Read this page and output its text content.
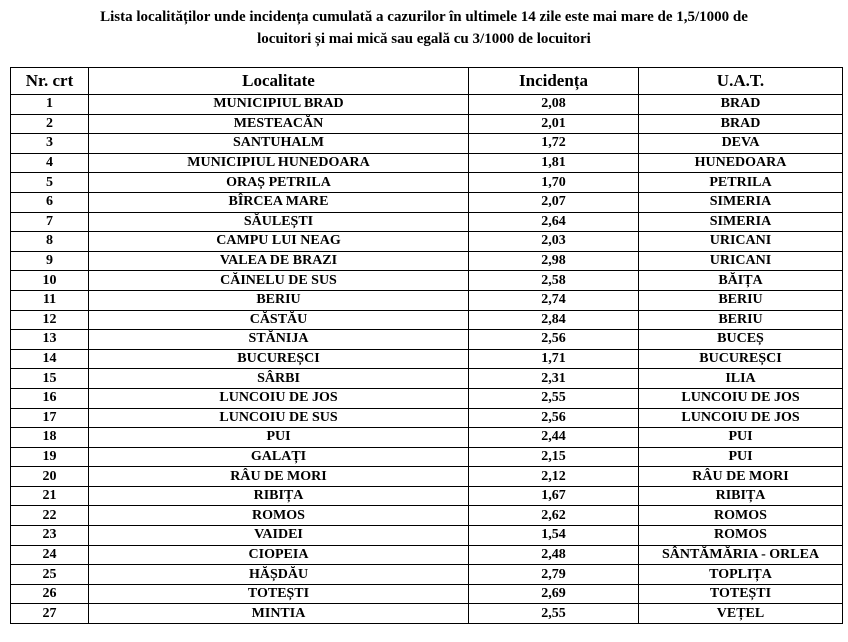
Lista localităților unde incidența cumulată a cazurilor în ultimele 14 zile este mai mare de 1,5/1000 de
locuitori și mai mică sau egală cu 3/1000 de locuitori
Nr. crt	Localitate	Incidența	U.A.T.
1	MUNICIPIUL BRAD	2,08	BRAD
2	MESTEACĂN	2,01	BRAD
3	SANTUHALM	1,72	DEVA
4	MUNICIPIUL HUNEDOARA	1,81	HUNEDOARA
5	ORAȘ PETRILA	1,70	PETRILA
6	BÎRCEA MARE	2,07	SIMERIA
7	SĂULEȘTI	2,64	SIMERIA
8	CAMPU LUI NEAG	2,03	URICANI
9	VALEA DE BRAZI	2,98	URICANI
10	CĂINELU DE SUS	2,58	BĂIȚA
11	BERIU	2,74	BERIU
12	CĂSTĂU	2,84	BERIU
13	STĂNIJA	2,56	BUCEȘ
14	BUCUREȘCI	1,71	BUCUREȘCI
15	SÂRBI	2,31	ILIA
16	LUNCOIU DE JOS	2,55	LUNCOIU DE JOS
17	LUNCOIU DE SUS	2,56	LUNCOIU DE JOS
18	PUI	2,44	PUI
19	GALAȚI	2,15	PUI
20	RÂU DE MORI	2,12	RÂU DE MORI
21	RIBIȚA	1,67	RIBIȚA
22	ROMOS	2,62	ROMOS
23	VAIDEI	1,54	ROMOS
24	CIOPEIA	2,48	SÂNTĂMĂRIA - ORLEA
25	HĂȘDĂU	2,79	TOPLIȚA
26	TOTEȘTI	2,69	TOTEȘTI
27	MINTIA	2,55	VEȚEL
